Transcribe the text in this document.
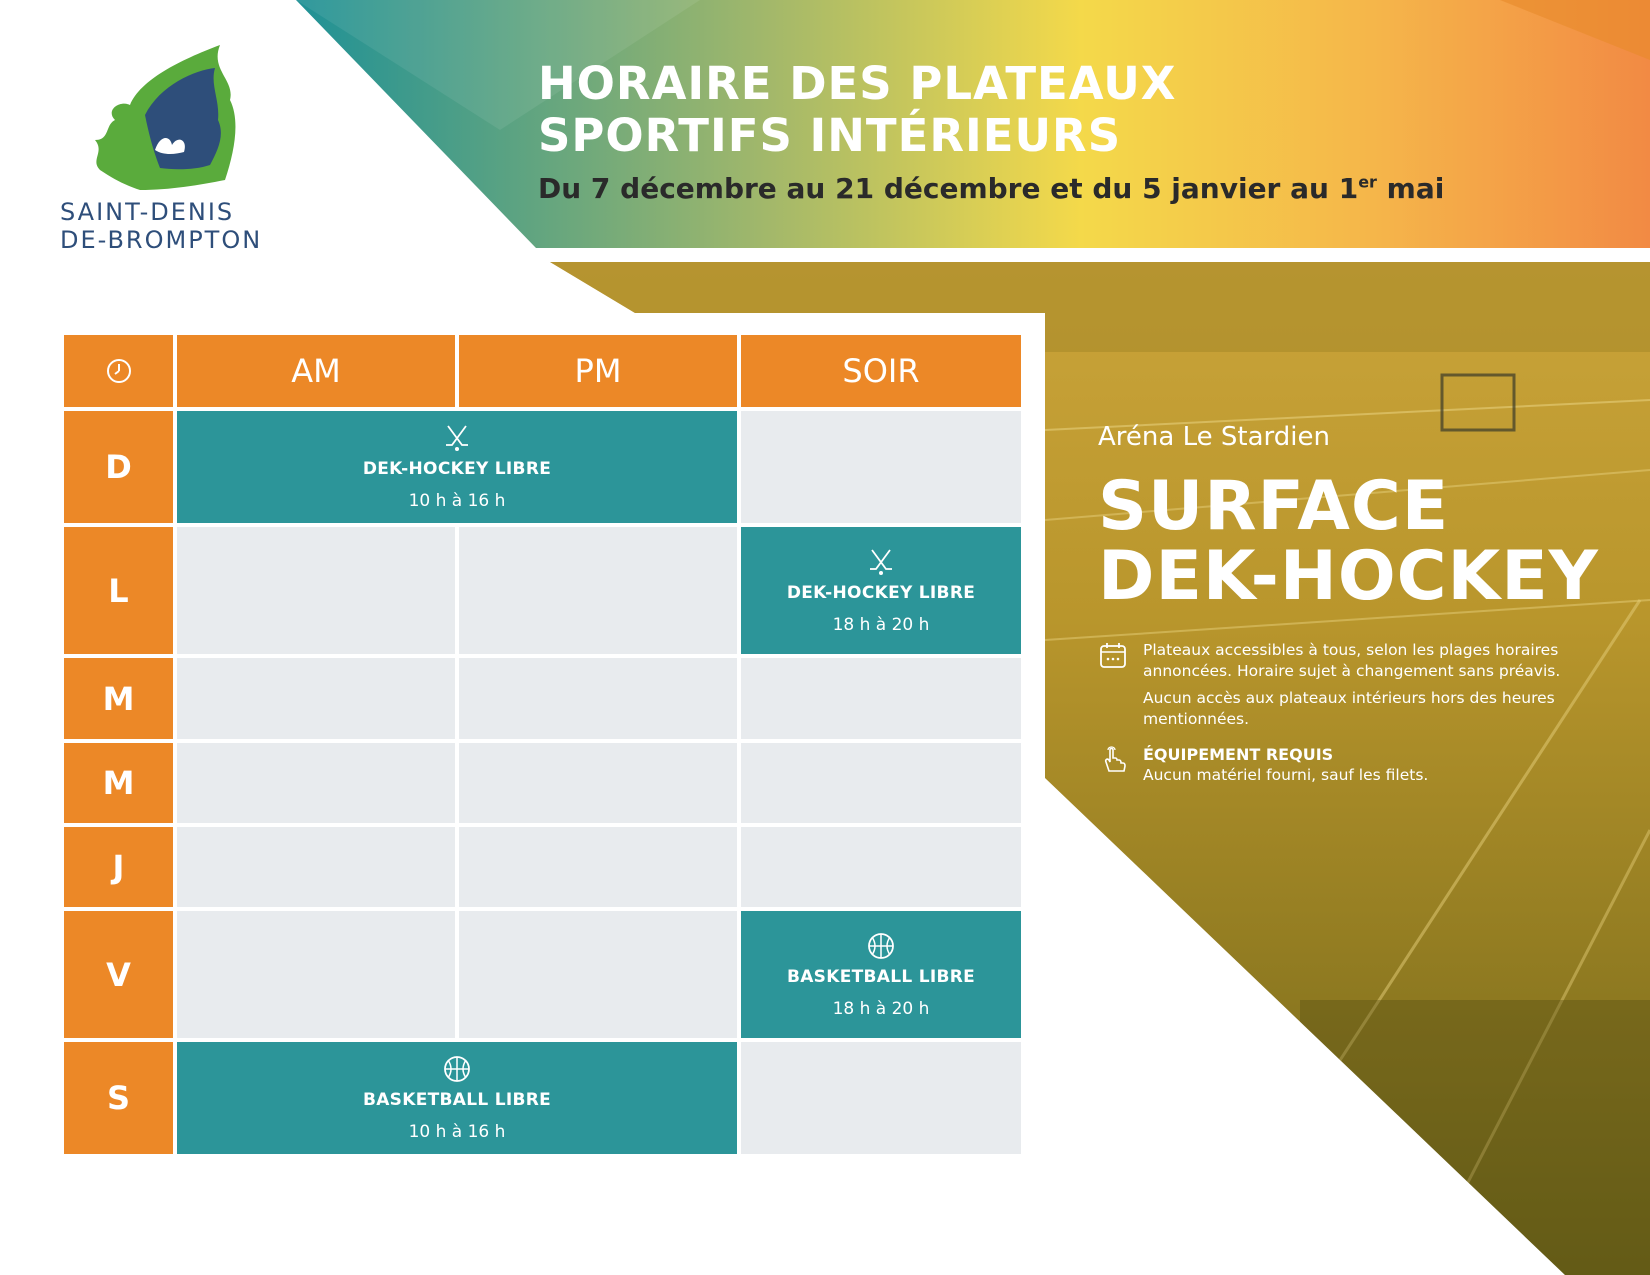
SAINT-DENIS
DE-BROMPTON
HORAIRE DES PLATEAUX
SPORTIFS INTÉRIEURS
Du 7 décembre au 21 décembre et du 5 janvier au 1er mai
AM	PM	SOIR
D
L
M
M
J
V
S
DEK-HOCKEY LIBRE
10 h à 16 h
DEK-HOCKEY LIBRE
18 h à 20 h
BASKETBALL LIBRE
18 h à 20 h
BASKETBALL LIBRE
10 h à 16 h
Aréna Le Stardien
SURFACE
DEK-HOCKEY

Plateaux accessibles à tous, selon les plages horaires annoncées. Horaire sujet à changement sans préavis.

Aucun accès aux plateaux intérieurs hors des heures mentionnées.

ÉQUIPEMENT REQUIS
Aucun matériel fourni, sauf les filets.
